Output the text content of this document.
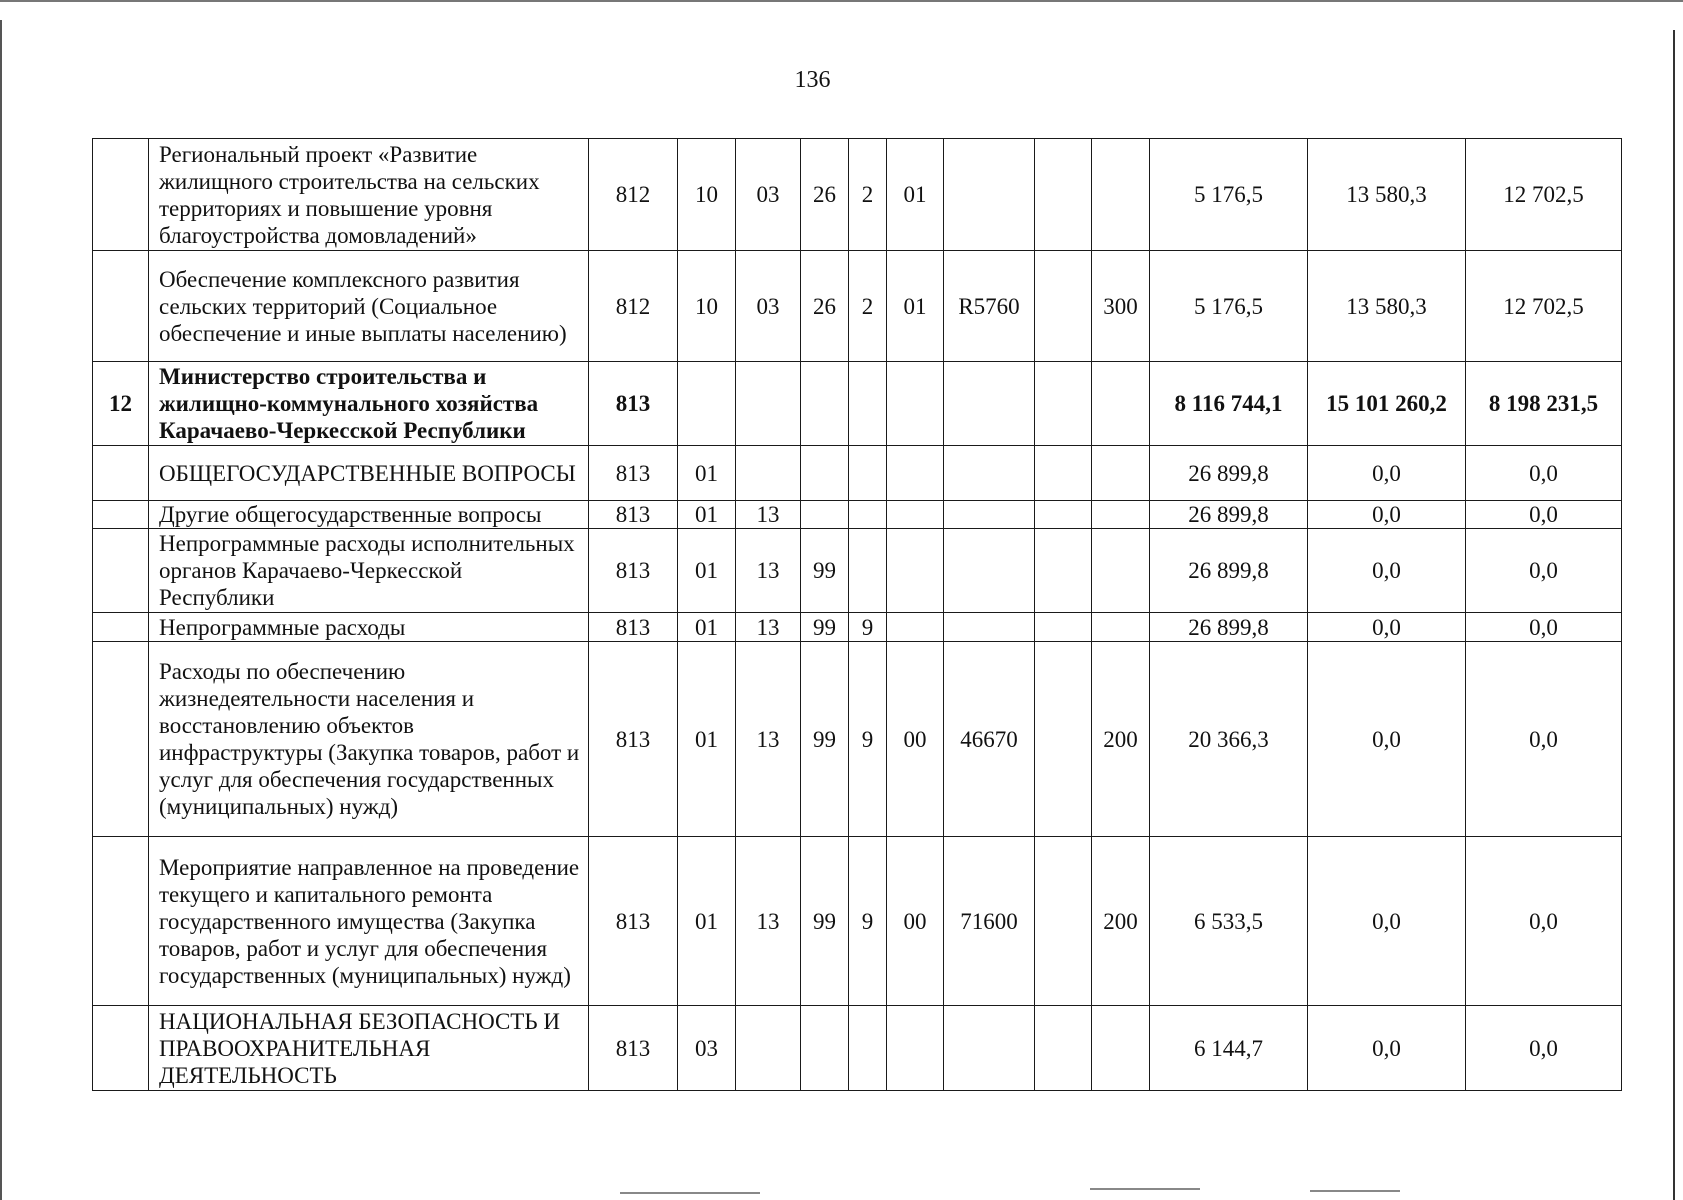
136
	Региональный проект «Развитие жилищного строительства на сельских территориях и повышение уровня благоустройства домовладений»	812	10	03	26	2	01				5 176,5	13 580,3	12 702,5
	Обеспечение комплексного развития сельских территорий (Социальное обеспечение и иные выплаты населению)	812	10	03	26	2	01	R5760		300	5 176,5	13 580,3	12 702,5
12	Министерство строительства и жилищно-коммунального хозяйства Карачаево-Черкесской Республики	813									8 116 744,1	15 101 260,2	8 198 231,5
	ОБЩЕГОСУДАРСТВЕННЫЕ ВОПРОСЫ	813	01								26 899,8	0,0	0,0
	Другие общегосударственные вопросы	813	01	13							26 899,8	0,0	0,0
	Непрограммные расходы исполнительных органов Карачаево-Черкесской Республики	813	01	13	99						26 899,8	0,0	0,0
	Непрограммные расходы	813	01	13	99	9					26 899,8	0,0	0,0
	Расходы по обеспечению жизнедеятельности населения и восстановлению объектов инфраструктуры (Закупка товаров, работ и услуг для обеспечения государственных (муниципальных) нужд)	813	01	13	99	9	00	46670		200	20 366,3	0,0	0,0
	Мероприятие направленное на проведение текущего и капитального ремонта государственного имущества (Закупка товаров, работ и услуг для обеспечения государственных (муниципальных) нужд)	813	01	13	99	9	00	71600		200	6 533,5	0,0	0,0
	НАЦИОНАЛЬНАЯ БЕЗОПАСНОСТЬ И ПРАВООХРАНИТЕЛЬНАЯ ДЕЯТЕЛЬНОСТЬ	813	03								6 144,7	0,0	0,0
